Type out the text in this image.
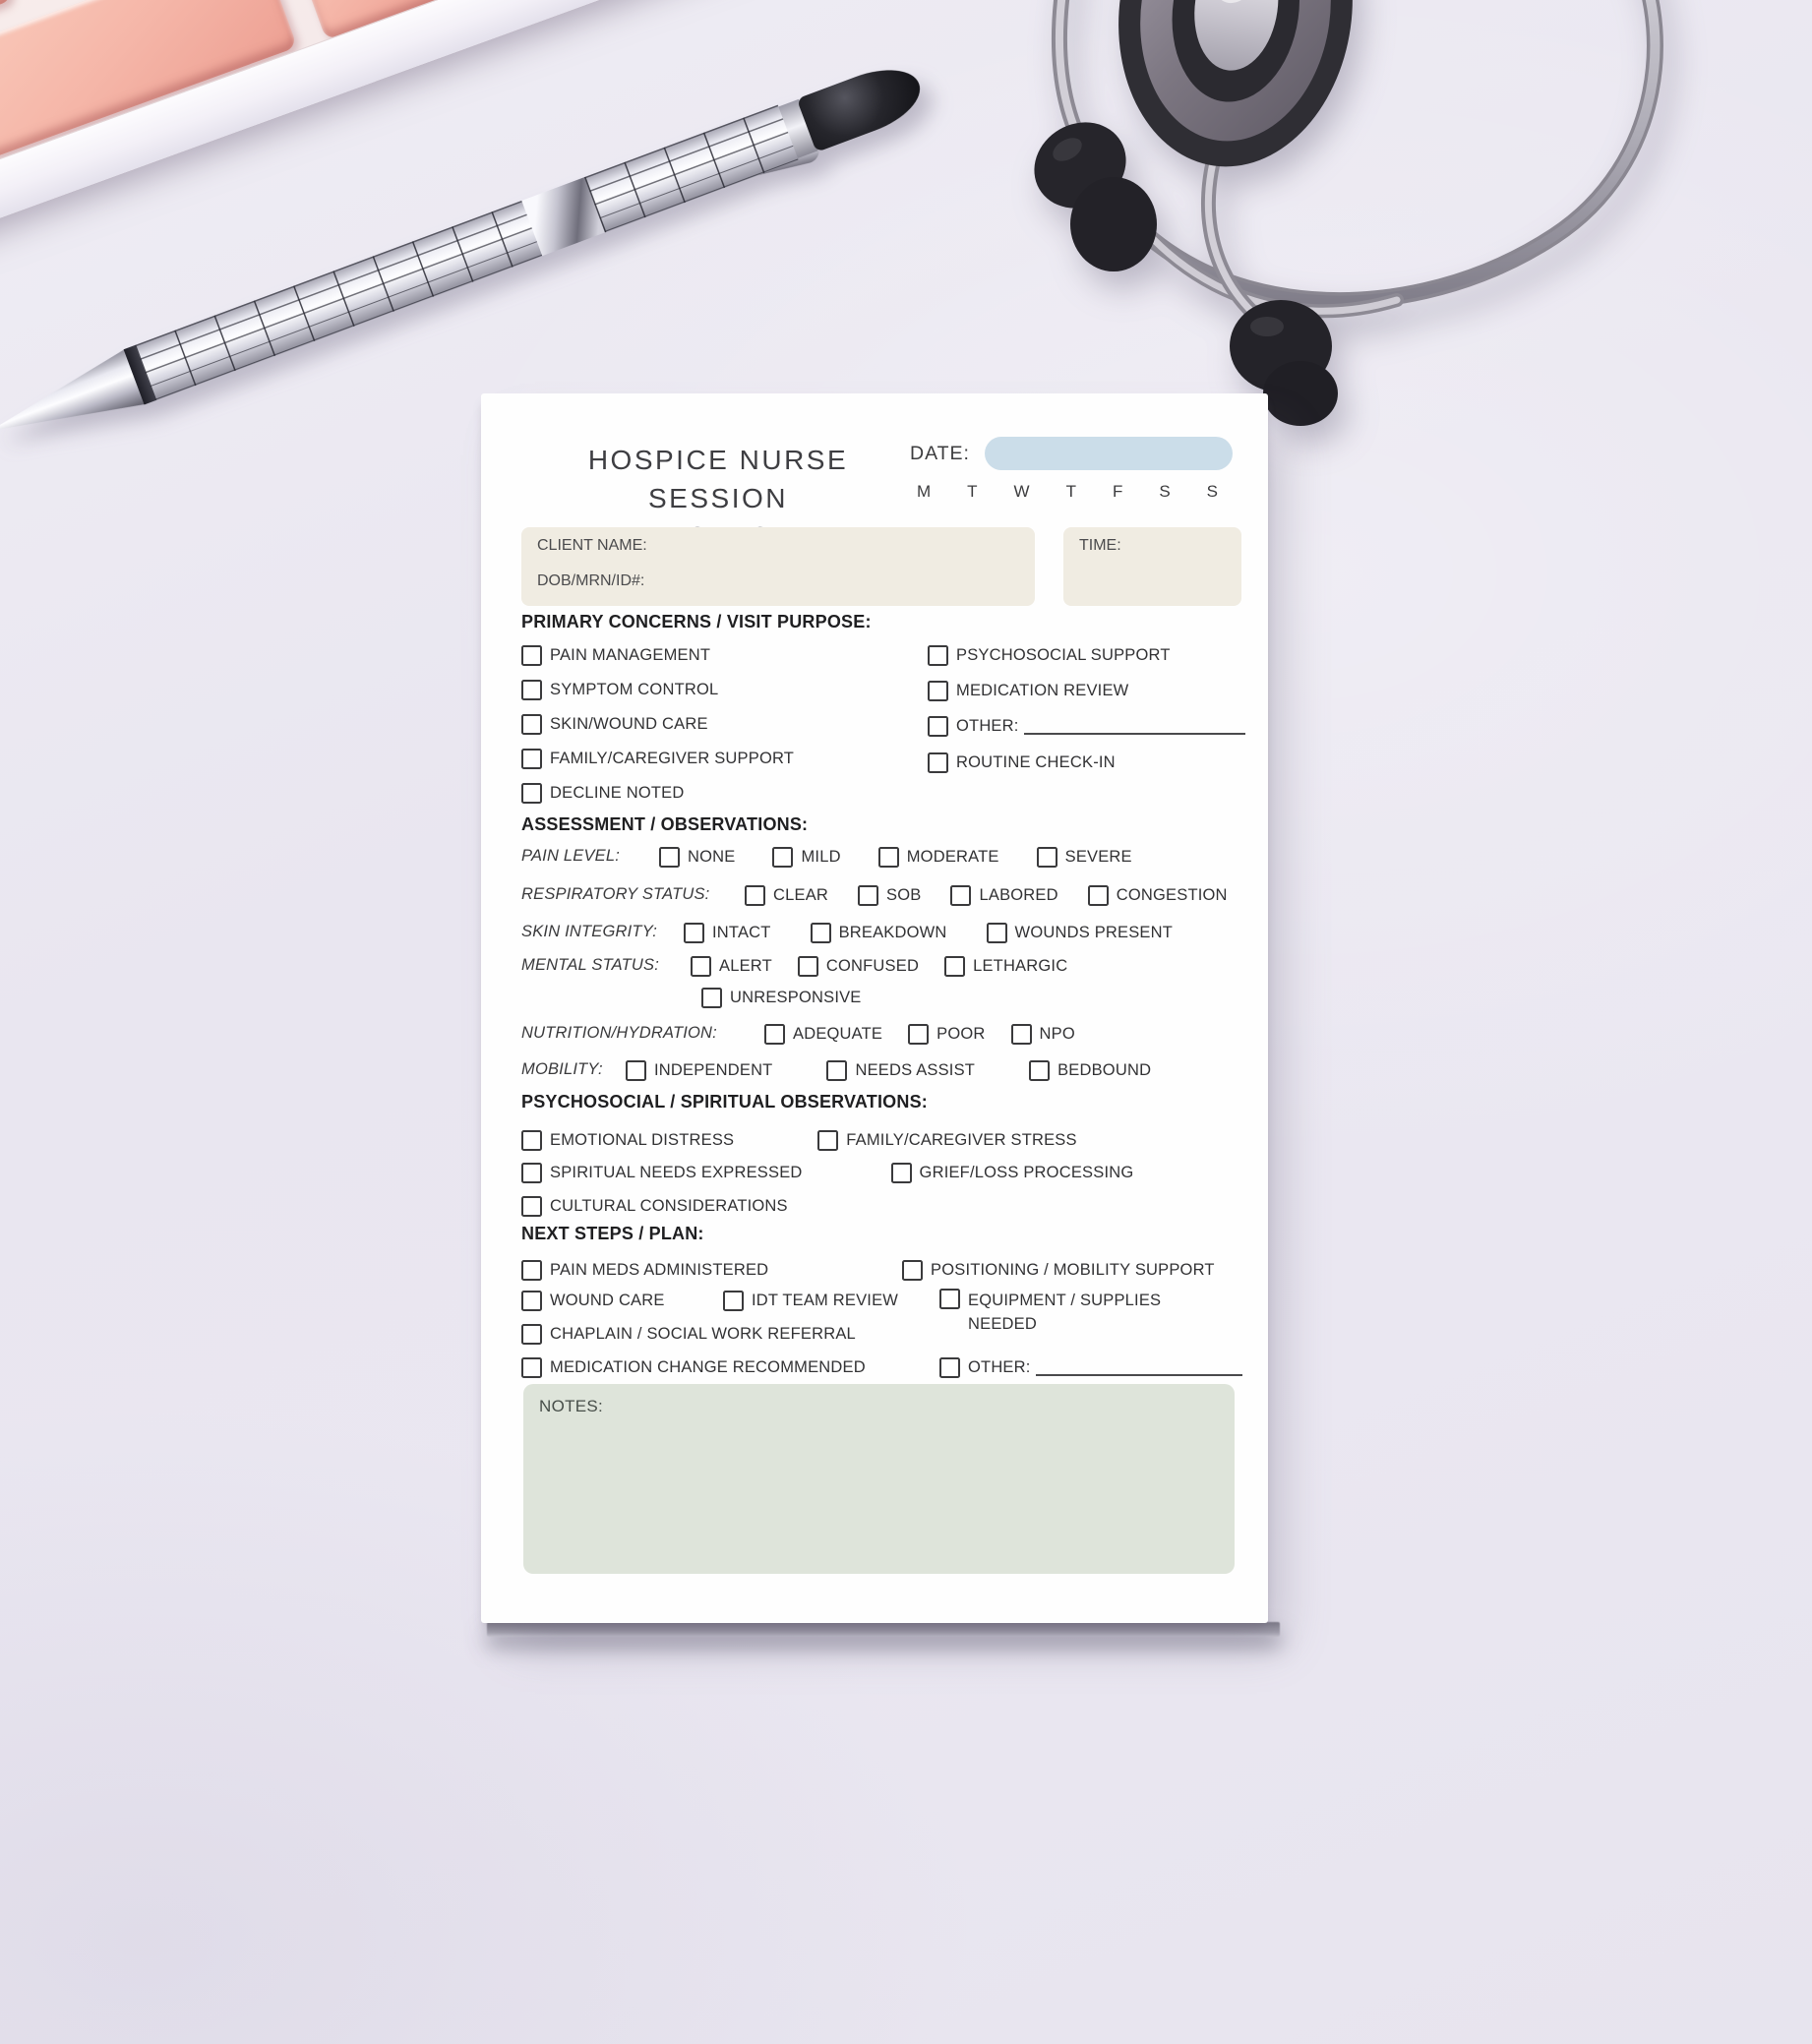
HOSPICE NURSE SESSION
DATE:
M T W T F S S
CLIENT NAME:
DOB/MRN/ID#:
TIME:
PRIMARY CONCERNS / VISIT PURPOSE:
PAIN MANAGEMENT
SYMPTOM CONTROL
SKIN/WOUND CARE
FAMILY/CAREGIVER SUPPORT
DECLINE NOTED
PSYCHOSOCIAL SUPPORT
MEDICATION REVIEW
OTHER:
ROUTINE CHECK-IN
ASSESSMENT / OBSERVATIONS:
PAIN LEVEL:	NONE	MILD	MODERATE	SEVERE
RESPIRATORY STATUS:	CLEAR	SOB	LABORED	CONGESTION
SKIN INTEGRITY:	INTACT	BREAKDOWN	WOUNDS PRESENT
MENTAL STATUS:	ALERT	CONFUSED	LETHARGIC
UNRESPONSIVE
NUTRITION/HYDRATION:	ADEQUATE	POOR	NPO
MOBILITY:	INDEPENDENT	NEEDS ASSIST	BEDBOUND
PSYCHOSOCIAL / SPIRITUAL OBSERVATIONS:
EMOTIONAL DISTRESS	FAMILY/CAREGIVER STRESS
SPIRITUAL NEEDS EXPRESSED	GRIEF/LOSS PROCESSING
CULTURAL CONSIDERATIONS
NEXT STEPS / PLAN:
PAIN MEDS ADMINISTERED	POSITIONING / MOBILITY SUPPORT
WOUND CARE	IDT TEAM REVIEW	EQUIPMENT / SUPPLIES NEEDED
CHAPLAIN / SOCIAL WORK REFERRAL
MEDICATION CHANGE RECOMMENDED	OTHER:
NOTES:
